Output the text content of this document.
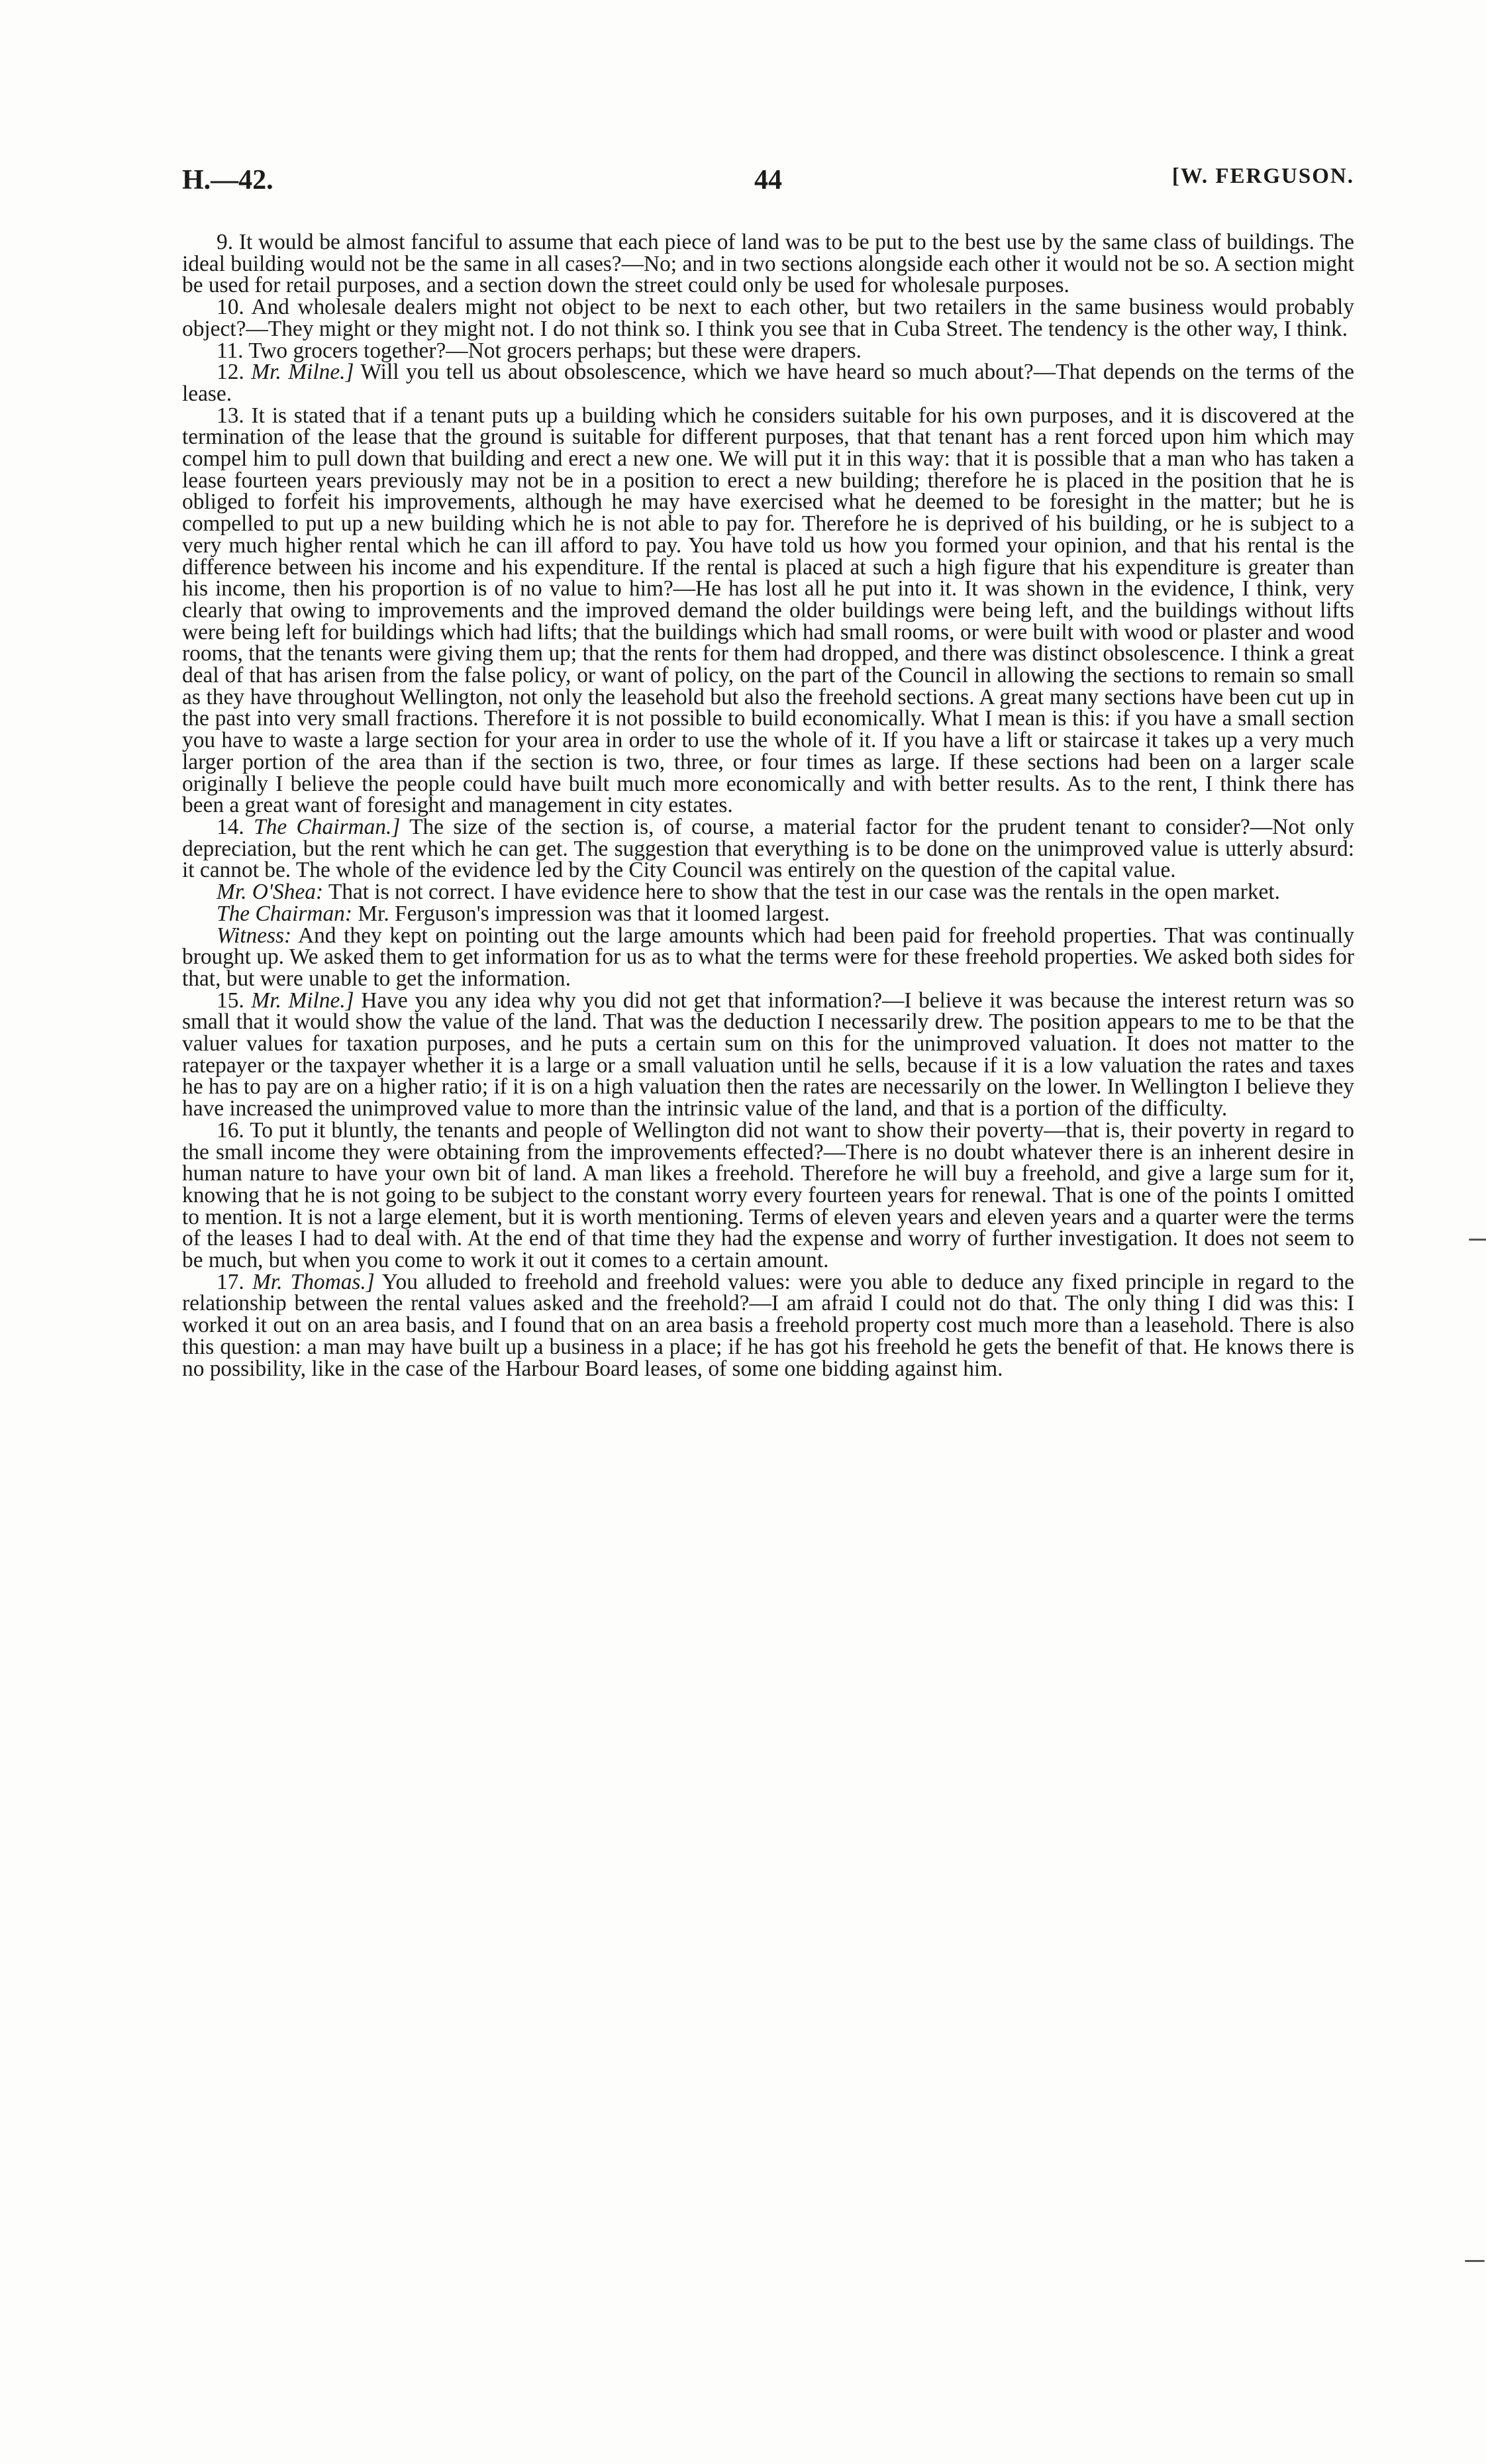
H.—42.	44	[W. FERGUSON.

9. It would be almost fanciful to assume that each piece of land was to be put to the best use by the same class of buildings. The ideal building would not be the same in all cases?—No; and in two sections alongside each other it would not be so. A section might be used for retail purposes, and a section down the street could only be used for wholesale purposes.

10. And wholesale dealers might not object to be next to each other, but two retailers in the same business would probably object?—They might or they might not. I do not think so. I think you see that in Cuba Street. The tendency is the other way, I think.

11. Two grocers together?—Not grocers perhaps; but these were drapers.

12. Mr. Milne.] Will you tell us about obsolescence, which we have heard so much about?—That depends on the terms of the lease.

13. It is stated that if a tenant puts up a building which he considers suitable for his own purposes, and it is discovered at the termination of the lease that the ground is suitable for different purposes, that that tenant has a rent forced upon him which may compel him to pull down that building and erect a new one. We will put it in this way: that it is possible that a man who has taken a lease fourteen years previously may not be in a position to erect a new building; therefore he is placed in the position that he is obliged to forfeit his improvements, although he may have exercised what he deemed to be foresight in the matter; but he is compelled to put up a new building which he is not able to pay for. Therefore he is deprived of his building, or he is subject to a very much higher rental which he can ill afford to pay. You have told us how you formed your opinion, and that his rental is the difference between his income and his expenditure. If the rental is placed at such a high figure that his expenditure is greater than his income, then his proportion is of no value to him?—He has lost all he put into it. It was shown in the evidence, I think, very clearly that owing to improvements and the improved demand the older buildings were being left, and the buildings without lifts were being left for buildings which had lifts; that the buildings which had small rooms, or were built with wood or plaster and wood rooms, that the tenants were giving them up; that the rents for them had dropped, and there was distinct obsolescence. I think a great deal of that has arisen from the false policy, or want of policy, on the part of the Council in allowing the sections to remain so small as they have throughout Wellington, not only the leasehold but also the freehold sections. A great many sections have been cut up in the past into very small fractions. Therefore it is not possible to build economically. What I mean is this: if you have a small section you have to waste a large section for your area in order to use the whole of it. If you have a lift or staircase it takes up a very much larger portion of the area than if the section is two, three, or four times as large. If these sections had been on a larger scale originally I believe the people could have built much more economically and with better results. As to the rent, I think there has been a great want of foresight and management in city estates.

14. The Chairman.] The size of the section is, of course, a material factor for the prudent tenant to consider?—Not only depreciation, but the rent which he can get. The suggestion that everything is to be done on the unimproved value is utterly absurd: it cannot be. The whole of the evidence led by the City Council was entirely on the question of the capital value.

Mr. O'Shea: That is not correct. I have evidence here to show that the test in our case was the rentals in the open market.

The Chairman: Mr. Ferguson's impression was that it loomed largest.

Witness: And they kept on pointing out the large amounts which had been paid for freehold properties. That was continually brought up. We asked them to get information for us as to what the terms were for these freehold properties. We asked both sides for that, but were unable to get the information.

15. Mr. Milne.] Have you any idea why you did not get that information?—I believe it was because the interest return was so small that it would show the value of the land. That was the deduction I necessarily drew. The position appears to me to be that the valuer values for taxation purposes, and he puts a certain sum on this for the unimproved valuation. It does not matter to the ratepayer or the taxpayer whether it is a large or a small valuation until he sells, because if it is a low valuation the rates and taxes he has to pay are on a higher ratio; if it is on a high valuation then the rates are necessarily on the lower. In Wellington I believe they have increased the unimproved value to more than the intrinsic value of the land, and that is a portion of the difficulty.

16. To put it bluntly, the tenants and people of Wellington did not want to show their poverty—that is, their poverty in regard to the small income they were obtaining from the improvements effected?—There is no doubt whatever there is an inherent desire in human nature to have your own bit of land. A man likes a freehold. Therefore he will buy a freehold, and give a large sum for it, knowing that he is not going to be subject to the constant worry every fourteen years for renewal. That is one of the points I omitted to mention. It is not a large element, but it is worth mentioning. Terms of eleven years and eleven years and a quarter were the terms of the leases I had to deal with. At the end of that time they had the expense and worry of further investigation. It does not seem to be much, but when you come to work it out it comes to a certain amount.

17. Mr. Thomas.] You alluded to freehold and freehold values: were you able to deduce any fixed principle in regard to the relationship between the rental values asked and the freehold?—I am afraid I could not do that. The only thing I did was this: I worked it out on an area basis, and I found that on an area basis a freehold property cost much more than a leasehold. There is also this question: a man may have built up a business in a place; if he has got his freehold he gets the benefit of that. He knows there is no possibility, like in the case of the Harbour Board leases, of some one bidding against him.
